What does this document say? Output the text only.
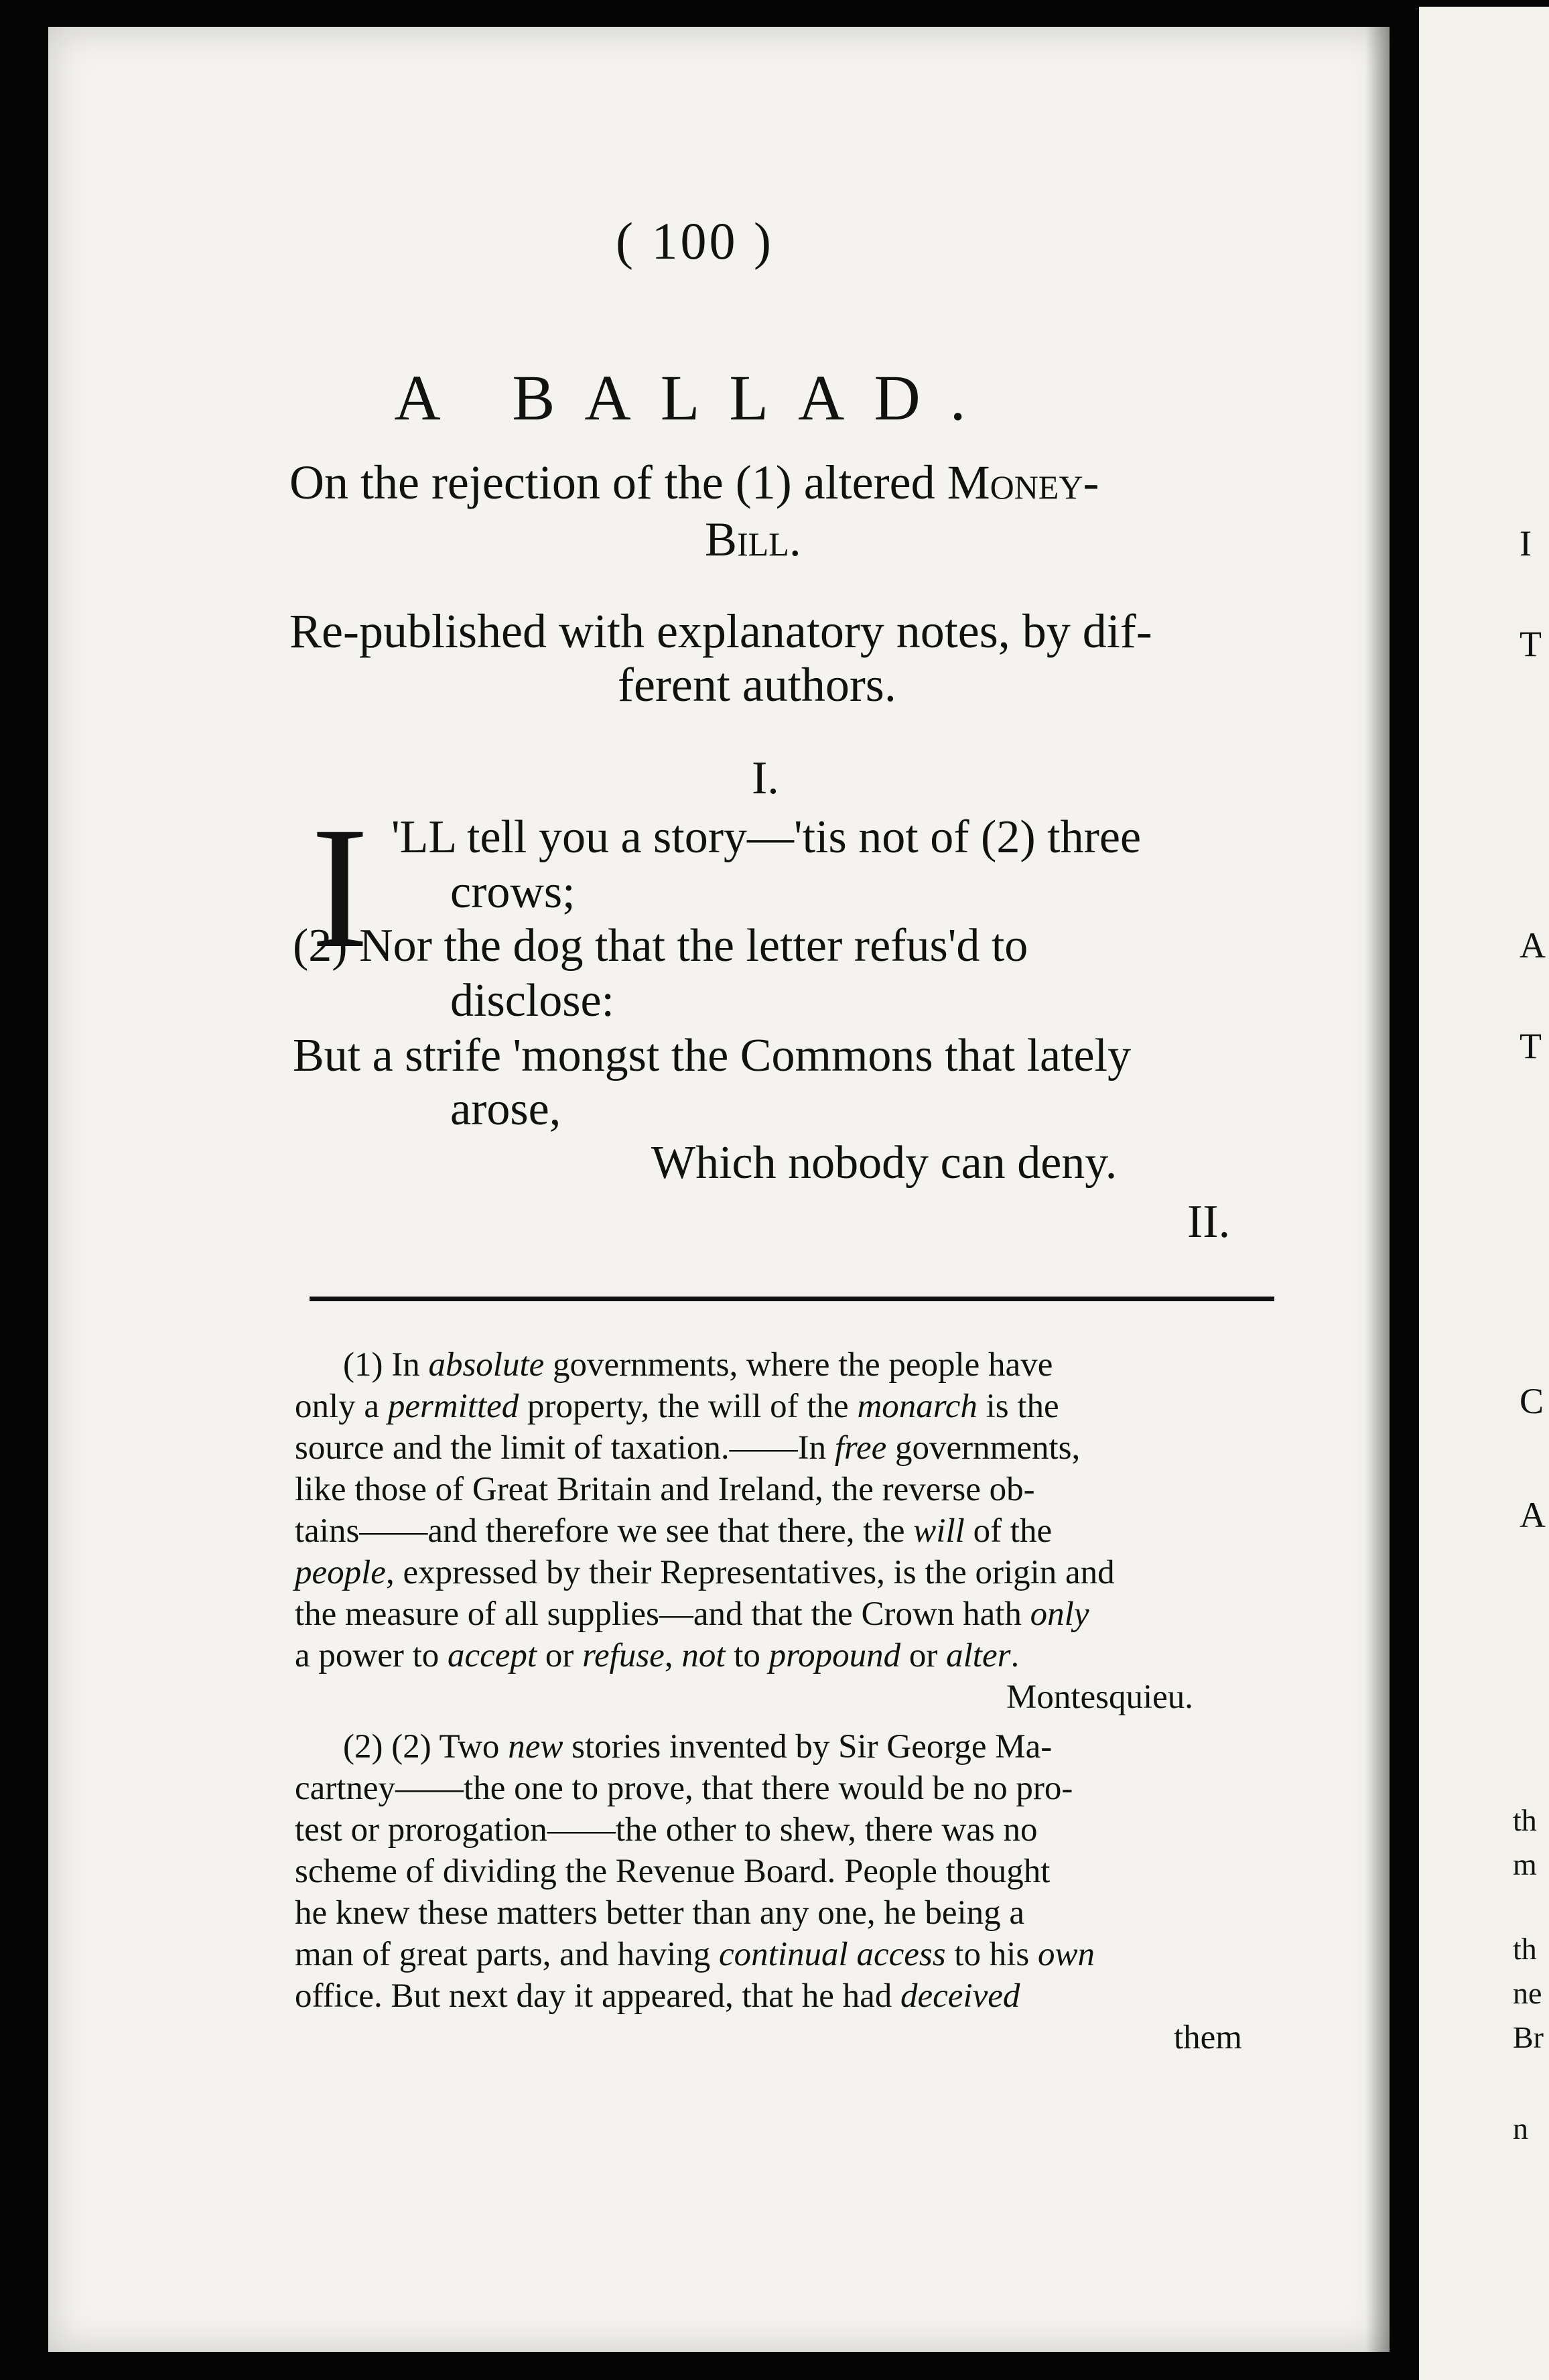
( 100 )
A BALLAD.
On the rejection of the (1) altered Money-
Bill.
Re-published with explanatory notes, by dif-
ferent authors.
I.
I 'LL tell you a story—'tis not of (2) three
crows;
(2) Nor the dog that the letter refus'd to
disclose:
But a strife 'mongst the Commons that lately
arose,
Which nobody can deny.
II.
(1) In absolute governments, where the people have
only a permitted property, the will of the monarch is the
source and the limit of taxation.——In free governments,
like those of Great Britain and Ireland, the reverse ob-
tains——and therefore we see that there, the will of the
people, expressed by their Representatives, is the origin and
the measure of all supplies—and that the Crown hath only
a power to accept or refuse, not to propound or alter.
Montesquieu.
(2) (2) Two new stories invented by Sir George Ma-
cartney——the one to prove, that there would be no pro-
test or prorogation——the other to shew, there was no
scheme of dividing the Revenue Board. People thought
he knew these matters better than any one, he being a
man of great parts, and having continual access to his own
office. But next day it appeared, that he had deceived
them
I
T
A
T
C
A
th
m
th
ne
Br
n
